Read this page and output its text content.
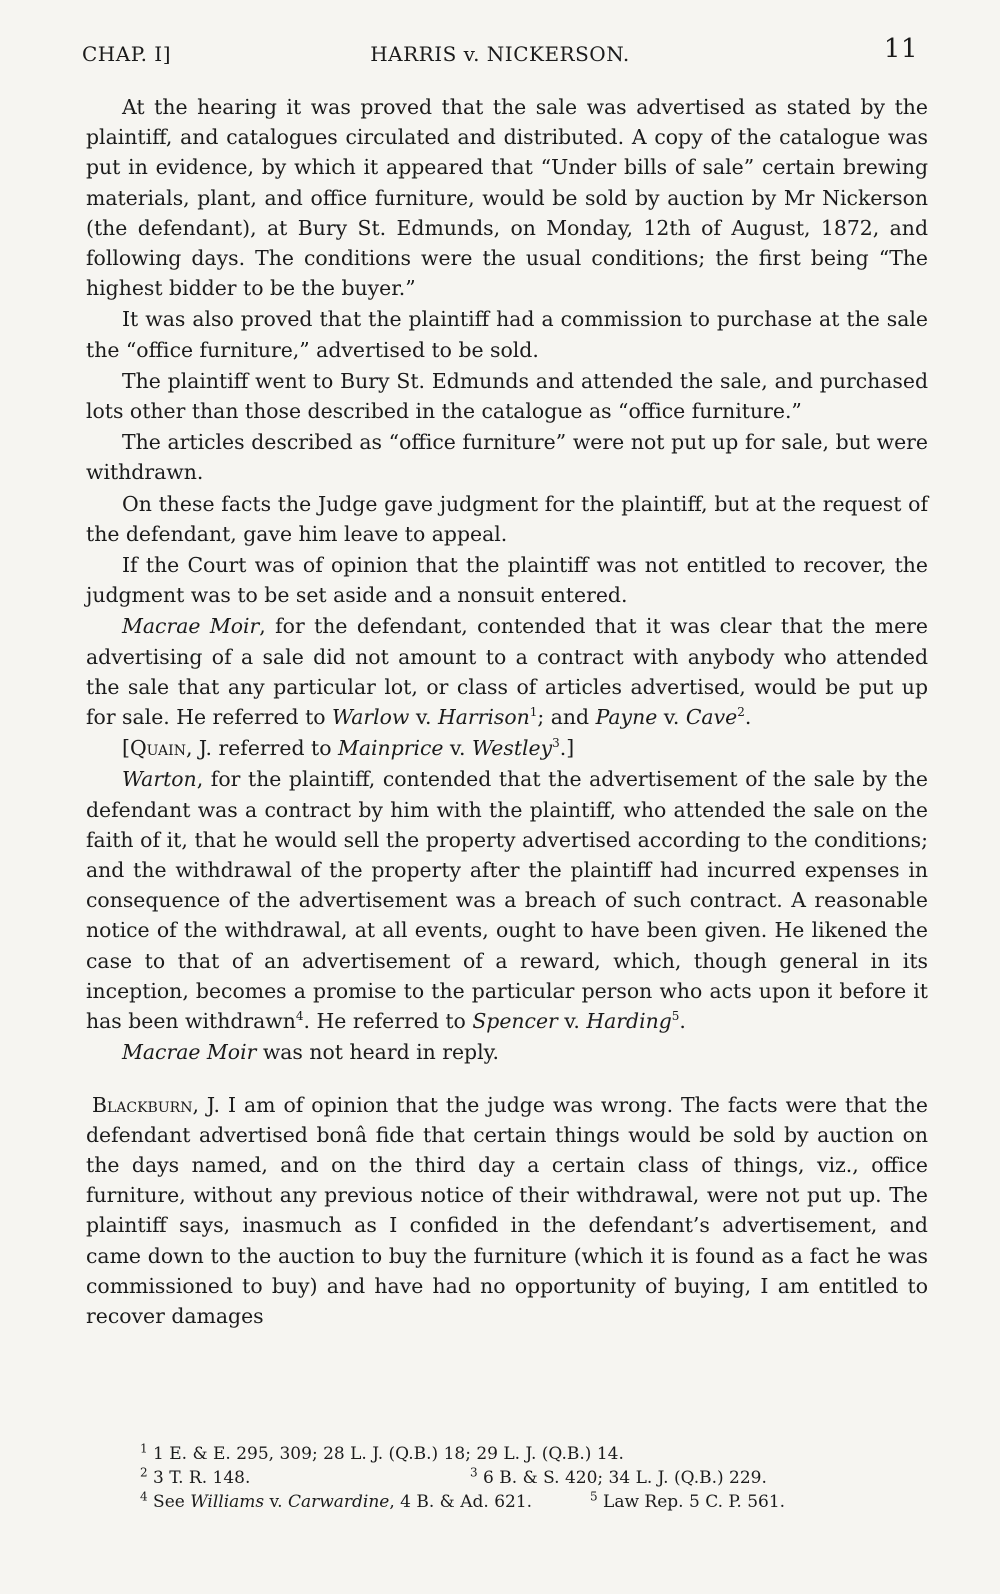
CHAP. I]	HARRIS v. NICKERSON.	11

At the hearing it was proved that the sale was advertised as stated by the plaintiff, and catalogues circulated and distributed. A copy of the catalogue was put in evidence, by which it appeared that “Under bills of sale” certain brewing materials, plant, and office furniture, would be sold by auction by Mr Nickerson (the defendant), at Bury St. Edmunds, on Monday, 12th of August, 1872, and following days. The conditions were the usual conditions; the first being “The highest bidder to be the buyer.”

It was also proved that the plaintiff had a commission to purchase at the sale the “office furniture,” advertised to be sold.

The plaintiff went to Bury St. Edmunds and attended the sale, and purchased lots other than those described in the catalogue as “office furniture.”

The articles described as “office furniture” were not put up for sale, but were withdrawn.

On these facts the Judge gave judgment for the plaintiff, but at the request of the defendant, gave him leave to appeal.

If the Court was of opinion that the plaintiff was not entitled to recover, the judgment was to be set aside and a nonsuit entered.

Macrae Moir, for the defendant, contended that it was clear that the mere advertising of a sale did not amount to a contract with anybody who attended the sale that any particular lot, or class of articles advertised, would be put up for sale. He referred to Warlow v. Harrison$^1$; and Payne v. Cave$^2$.

[Quain, J. referred to Mainprice v. Westley$^3$.]

Warton, for the plaintiff, contended that the advertisement of the sale by the defendant was a contract by him with the plaintiff, who attended the sale on the faith of it, that he would sell the property advertised according to the conditions; and the withdrawal of the property after the plaintiff had incurred expenses in consequence of the advertisement was a breach of such contract. A reasonable notice of the withdrawal, at all events, ought to have been given. He likened the case to that of an advertisement of a reward, which, though general in its inception, becomes a promise to the particular person who acts upon it before it has been withdrawn$^4$. He referred to Spencer v. Harding$^5$.

Macrae Moir was not heard in reply.

Blackburn, J. I am of opinion that the judge was wrong. The facts were that the defendant advertised bonâ fide that certain things would be sold by auction on the days named, and on the third day a certain class of things, viz., office furniture, without any previous notice of their withdrawal, were not put up. The plaintiff says, inasmuch as I confided in the defendant’s advertisement, and came down to the auction to buy the furniture (which it is found as a fact he was commissioned to buy) and have had no opportunity of buying, I am entitled to recover damages

$^1$ 1 E. & E. 295, 309; 28 L. J. (Q.B.) 18; 29 L. J. (Q.B.) 14.
$^2$ 3 T. R. 148.	$^3$ 6 B. & S. 420; 34 L. J. (Q.B.) 229.
$^4$ See Williams v. Carwardine, 4 B. & Ad. 621.	$^5$ Law Rep. 5 C. P. 561.
